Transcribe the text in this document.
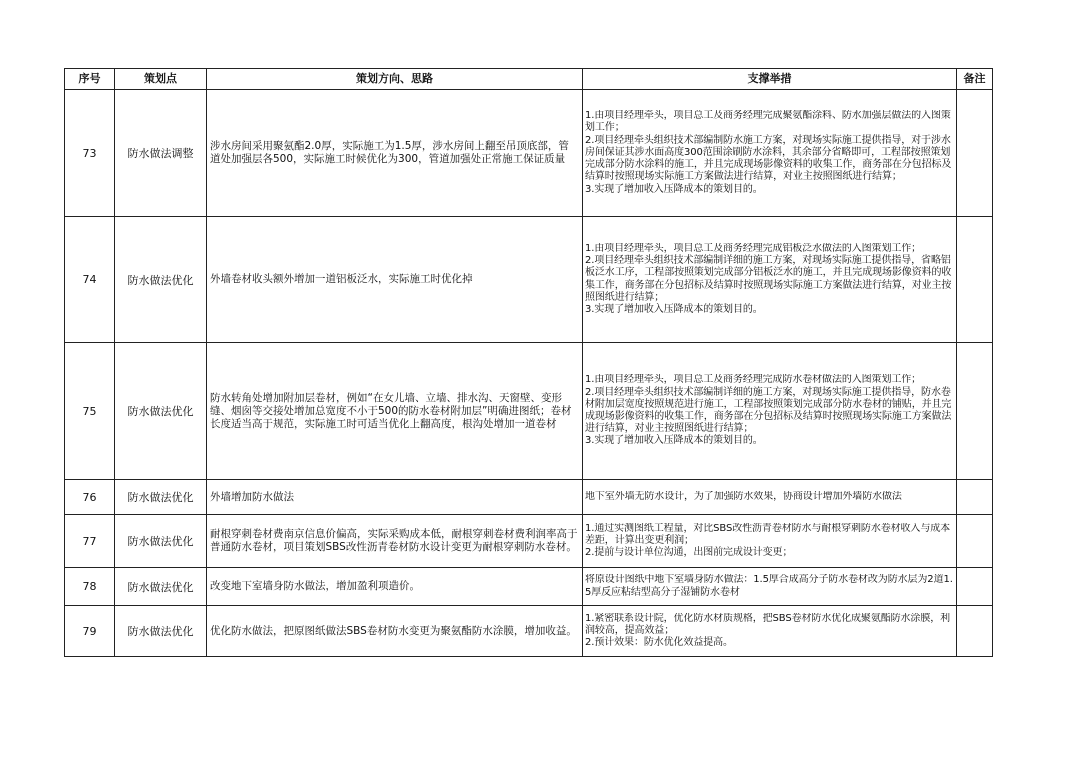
序号	策划点	策划方向、思路	支撑举措	备注
73	防水做法调整	涉水房间采用聚氨酯2.0厚，实际施工为1.5厚，涉水房间上翻至吊顶底部，管道处加强层各500，实际施工时候优化为300，管道加强处正常施工保证质量	1.由项目经理牵头，项目总工及商务经理完成聚氨酯涂料、防水加强层做法的入图策划工作；
2.项目经理牵头组织技术部编制防水施工方案，对现场实际施工提供指导，对于涉水房间保证其涉水面高度300范围涂刷防水涂料，其余部分省略即可，工程部按照策划完成部分防水涂料的施工，并且完成现场影像资料的收集工作，商务部在分包招标及结算时按照现场实际施工方案做法进行结算，对业主按照图纸进行结算；
3.实现了增加收入压降成本的策划目的。	

74	防水做法优化	外墙卷材收头额外增加一道铝板泛水，实际施工时优化掉	1.由项目经理牵头，项目总工及商务经理完成铝板泛水做法的入图策划工作；
2.项目经理牵头组织技术部编制详细的施工方案，对现场实际施工提供指导，省略铝板泛水工序，工程部按照策划完成部分铝板泛水的施工，并且完成现场影像资料的收集工作，商务部在分包招标及结算时按照现场实际施工方案做法进行结算，对业主按照图纸进行结算；
3.实现了增加收入压降成本的策划目的。	

75	防水做法优化	防水转角处增加附加层卷材，例如“在女儿墙、立墙、排水沟、天窗壁、变形缝、烟囱等交接处增加总宽度不小于500的防水卷材附加层”明确进图纸；卷材长度适当高于规范，实际施工时可适当优化上翻高度，根沟处增加一道卷材	1.由项目经理牵头，项目总工及商务经理完成防水卷材做法的入图策划工作；
2.项目经理牵头组织技术部编制详细的施工方案，对现场实际施工提供指导，防水卷材附加层宽度按照规范进行施工，工程部按照策划完成部分防水卷材的铺贴，并且完成现场影像资料的收集工作，商务部在分包招标及结算时按照现场实际施工方案做法进行结算，对业主按照图纸进行结算；
3.实现了增加收入压降成本的策划目的。	

76	防水做法优化	外墙增加防水做法	地下室外墙无防水设计，为了加强防水效果，协商设计增加外墙防水做法	

77	防水做法优化	耐根穿刺卷材费南京信息价偏高，实际采购成本低，耐根穿刺卷材费利润率高于普通防水卷材，项目策划SBS改性沥青卷材防水设计变更为耐根穿刺防水卷材。	1.通过实测图纸工程量，对比SBS改性沥青卷材防水与耐根穿刺防水卷材收入与成本差距，计算出变更利润；
2.提前与设计单位沟通，出图前完成设计变更；	

78	防水做法优化	改变地下室墙身防水做法，增加盈利项造价。	将原设计图纸中地下室墙身防水做法：1.5厚合成高分子防水卷材改为防水层为2道1.5厚反应粘结型高分子湿铺防水卷材	

79	防水做法优化	优化防水做法，把原图纸做法SBS卷材防水变更为聚氨酯防水涂膜，增加收益。	1.紧密联系设计院，优化防水材质规格，把SBS卷材防水优化成聚氨酯防水涂膜，利润较高，提高效益；
2.预计效果：防水优化效益提高。	
